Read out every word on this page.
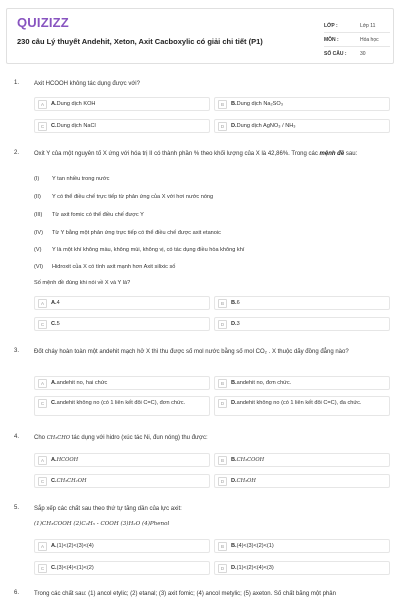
QUIZIZZ
230 câu Lý thuyết Andehit, Xeton, Axit Cacboxylic có giải chi tiết (P1)
LỚP :	Lớp 11
MÔN :	Hóa học
SỐ CÂU :	30
1. Axit HCOOH không tác dụng được với?
A	A.Dung dịch KOH	B	B.Dung dịch Na₂SO₃
C	C.Dung dịch NaCl	D	D.Dung dịch AgNO₃ / NH₃
2. Oxit Y của một nguyên tố X ứng với hóa trị II có thành phần % theo khối lượng của X là 42,86%. Trong các mệnh đề sau:
(I) Y tan nhiều trong nước
(II) Y có thể điều chế trực tiếp từ phản ứng của X với hơi nước nóng
(III) Từ axit fomic có thể điều chế được Y
(IV) Từ Y bằng một phản ứng trực tiếp có thể điều chế được axit etanoic
(V) Y là một khí không màu, không mùi, không vị, có tác dụng điều hòa không khí
(VI) Hidroxit của X có tính axit mạnh hơn Axit silixic số
Số mệnh đề đúng khi nói về X và Y là?
A	A.4	B	B.6
C	C.5	D	D.3
3. Đốt cháy hoàn toàn một andehit mạch hở X thì thu được số mol nước bằng số mol CO₂ . X thuộc dãy đồng đẳng nào?
A	A.andehit no, hai chức	B	B.andehit no, đơn chức.
C	C.andehit không no (có 1 liên kết đôi C=C), đơn chức.	D	D.andehit không no (có 1 liên kết đôi C=C), đa chức.
4. Cho CH₃CHO tác dụng với hidro (xúc tác Ni, đun nóng) thu được:
A	A.HCOOH	B	B.CH₃COOH
C	C.CH₃CH₂OH	D	D.CH₃OH
5. Sắp xếp các chất sau theo thứ tự tăng dần của lực axit:
(1)CH₃COOH (2)C₂H₅ - COOH (3)H₂O (4)Phenol
A	A.(1)<(2)<(3)<(4)	B	B.(4)<(3)<(2)<(1)
C	C.(3)<(4)<(1)<(2)	D	D.(1)<(2)<(4)<(3)
6. Trong các chất sau: (1) ancol etylic; (2) etanal; (3) axit fomic; (4) ancol metylic; (5) axeton. Số chất bằng một phản
